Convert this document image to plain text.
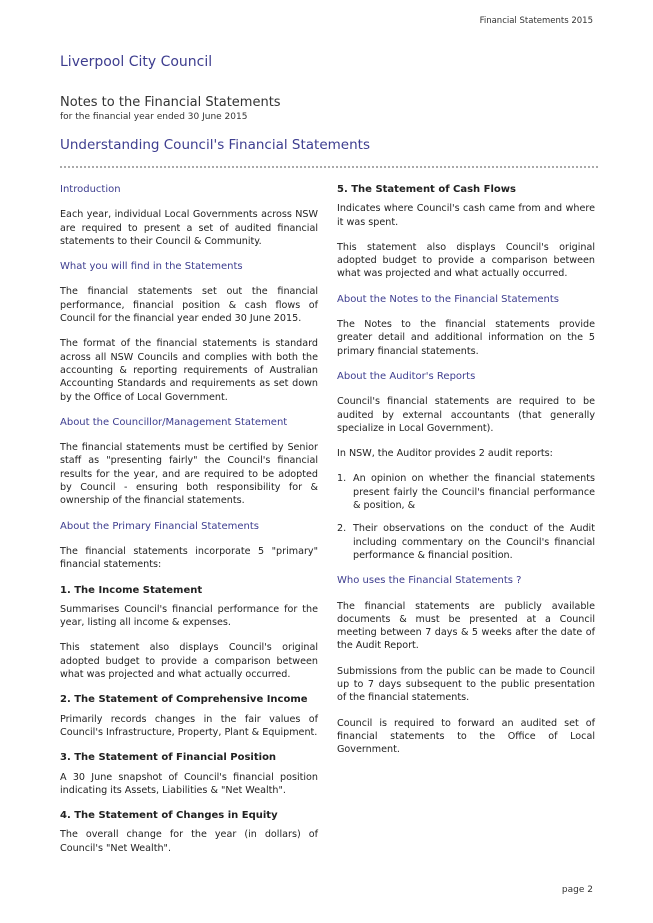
Financial Statements 2015
Liverpool City Council
Notes to the Financial Statements
for the financial year ended 30 June 2015
Understanding Council's Financial Statements
Introduction

Each year, individual Local Governments across NSW are required to present a set of audited financial statements to their Council & Community.

What you will find in the Statements

The financial statements set out the financial performance, financial position & cash flows of Council for the financial year ended 30 June 2015.

The format of the financial statements is standard across all NSW Councils and complies with both the accounting & reporting requirements of Australian Accounting Standards and requirements as set down by the Office of Local Government.

About the Councillor/Management Statement

The financial statements must be certified by Senior staff as "presenting fairly" the Council's financial results for the year, and are required to be adopted by Council - ensuring both responsibility for & ownership of the financial statements.

About the Primary Financial Statements

The financial statements incorporate 5 "primary" financial statements:

1. The Income Statement

Summarises Council's financial performance for the year, listing all income & expenses.

This statement also displays Council's original adopted budget to provide a comparison between what was projected and what actually occurred.

2. The Statement of Comprehensive Income

Primarily records changes in the fair values of Council's Infrastructure, Property, Plant & Equipment.

3. The Statement of Financial Position

A 30 June snapshot of Council's financial position indicating its Assets, Liabilities & "Net Wealth".

4. The Statement of Changes in Equity

The overall change for the year (in dollars) of Council's "Net Wealth".

5. The Statement of Cash Flows

Indicates where Council's cash came from and where it was spent.

This statement also displays Council's original adopted budget to provide a comparison between what was projected and what actually occurred.

About the Notes to the Financial Statements

The Notes to the financial statements provide greater detail and additional information on the 5 primary financial statements.

About the Auditor's Reports

Council's financial statements are required to be audited by external accountants (that generally specialize in Local Government).

In NSW, the Auditor provides 2 audit reports:

1. An opinion on whether the financial statements present fairly the Council's financial performance & position, &
2. Their observations on the conduct of the Audit including commentary on the Council's financial performance & financial position.
Who uses the Financial Statements ?

The financial statements are publicly available documents & must be presented at a Council meeting between 7 days & 5 weeks after the date of the Audit Report.

Submissions from the public can be made to Council up to 7 days subsequent to the public presentation of the financial statements.

Council is required to forward an audited set of financial statements to the Office of Local Government.

page 2
